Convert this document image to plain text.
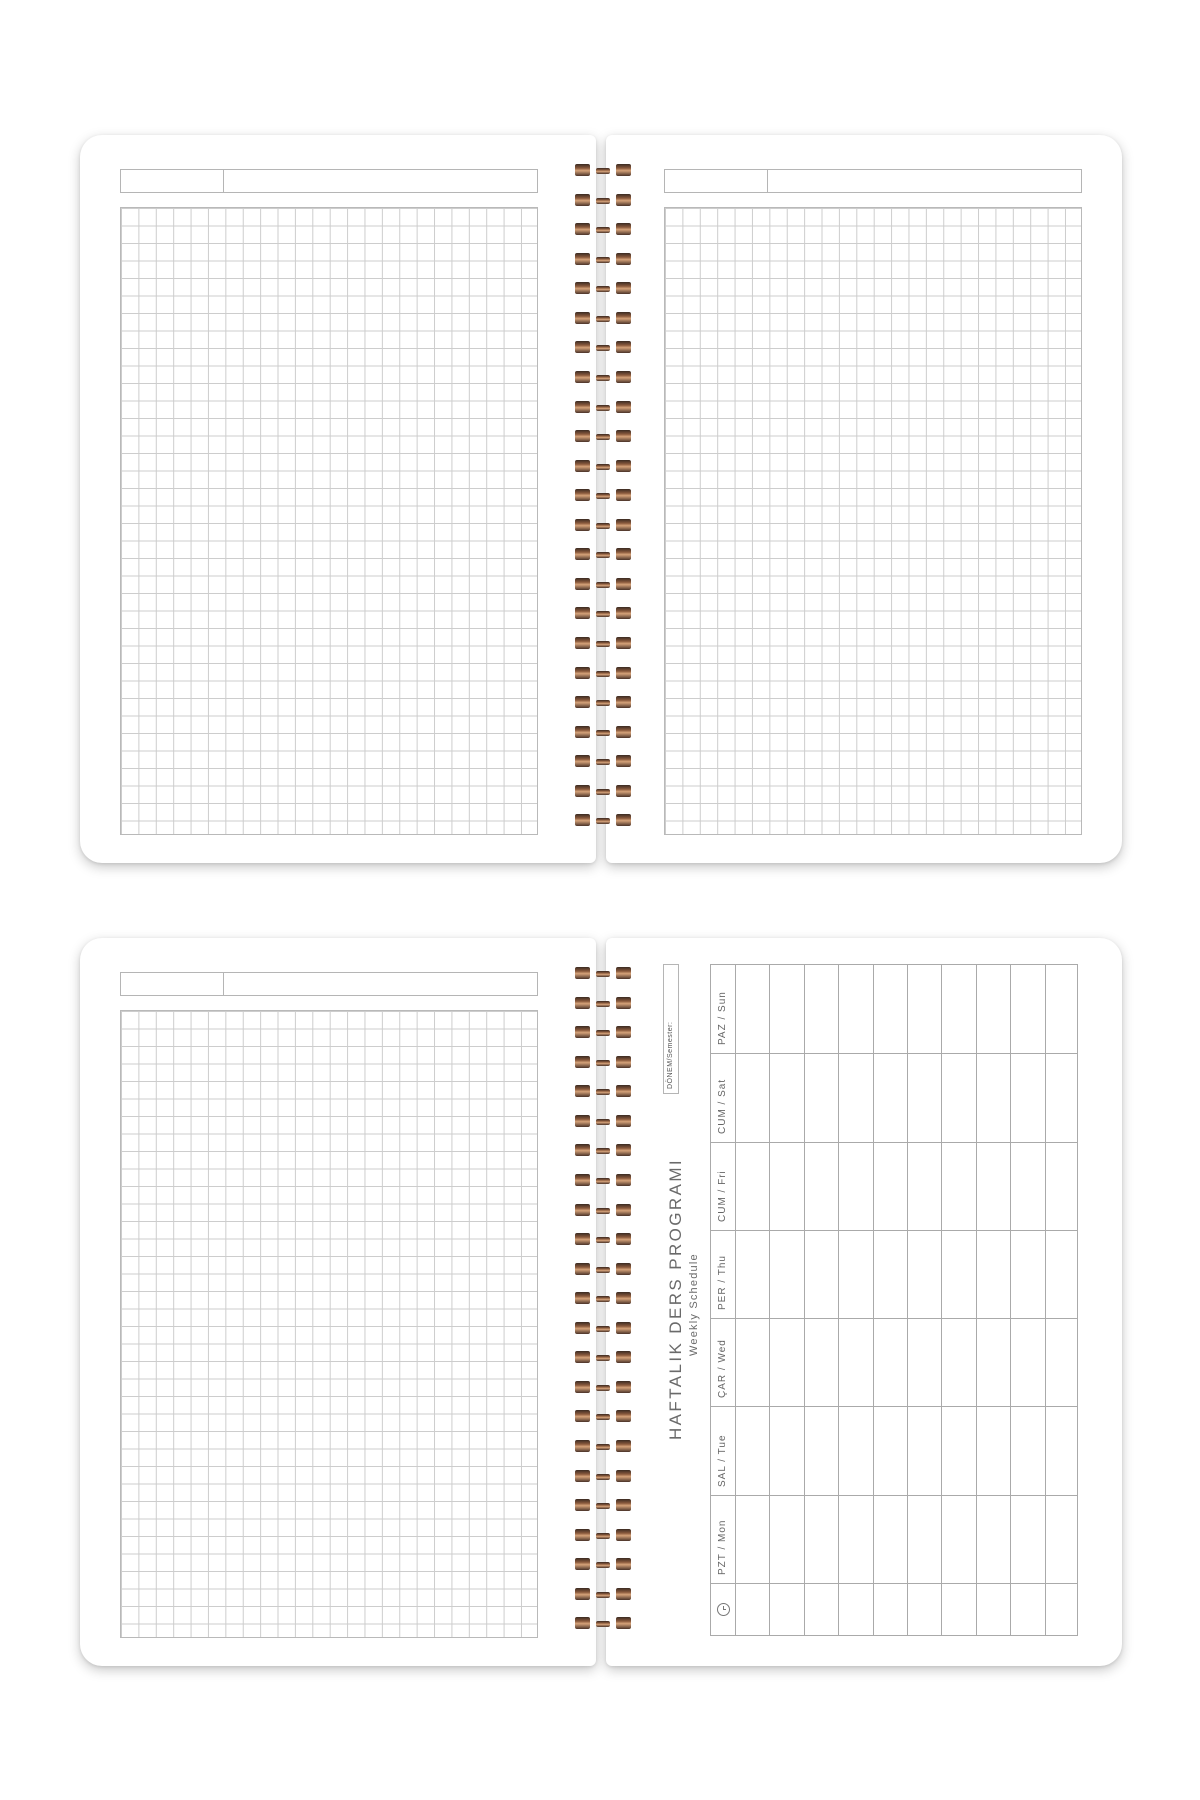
DÖNEM/Semester:
HAFTALIK DERS PROGRAMI Weekly Schedule
PZT / Mon
SAL / Tue
ÇAR / Wed
PER / Thu
CUM / Fri
CUM / Sat
PAZ / Sun
